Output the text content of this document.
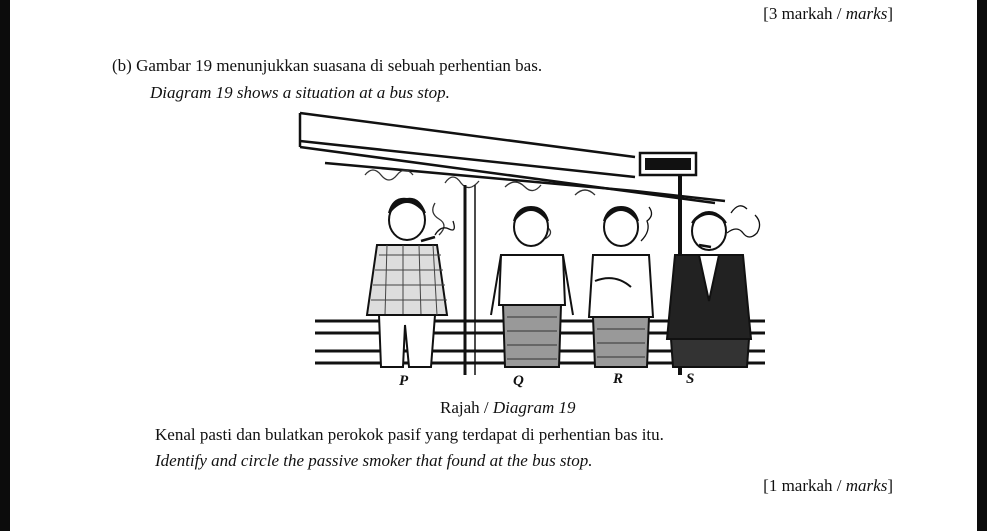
[3 markah / marks]
(b) Gambar 19 menunjukkan suasana di sebuah perhentian bas.
Diagram 19 shows a situation at a bus stop.
P	Q	R	S
Rajah / Diagram 19
Kenal pasti dan bulatkan perokok pasif yang terdapat di perhentian bas itu.
Identify and circle the passive smoker that found at the bus stop.
[1 markah / marks]
